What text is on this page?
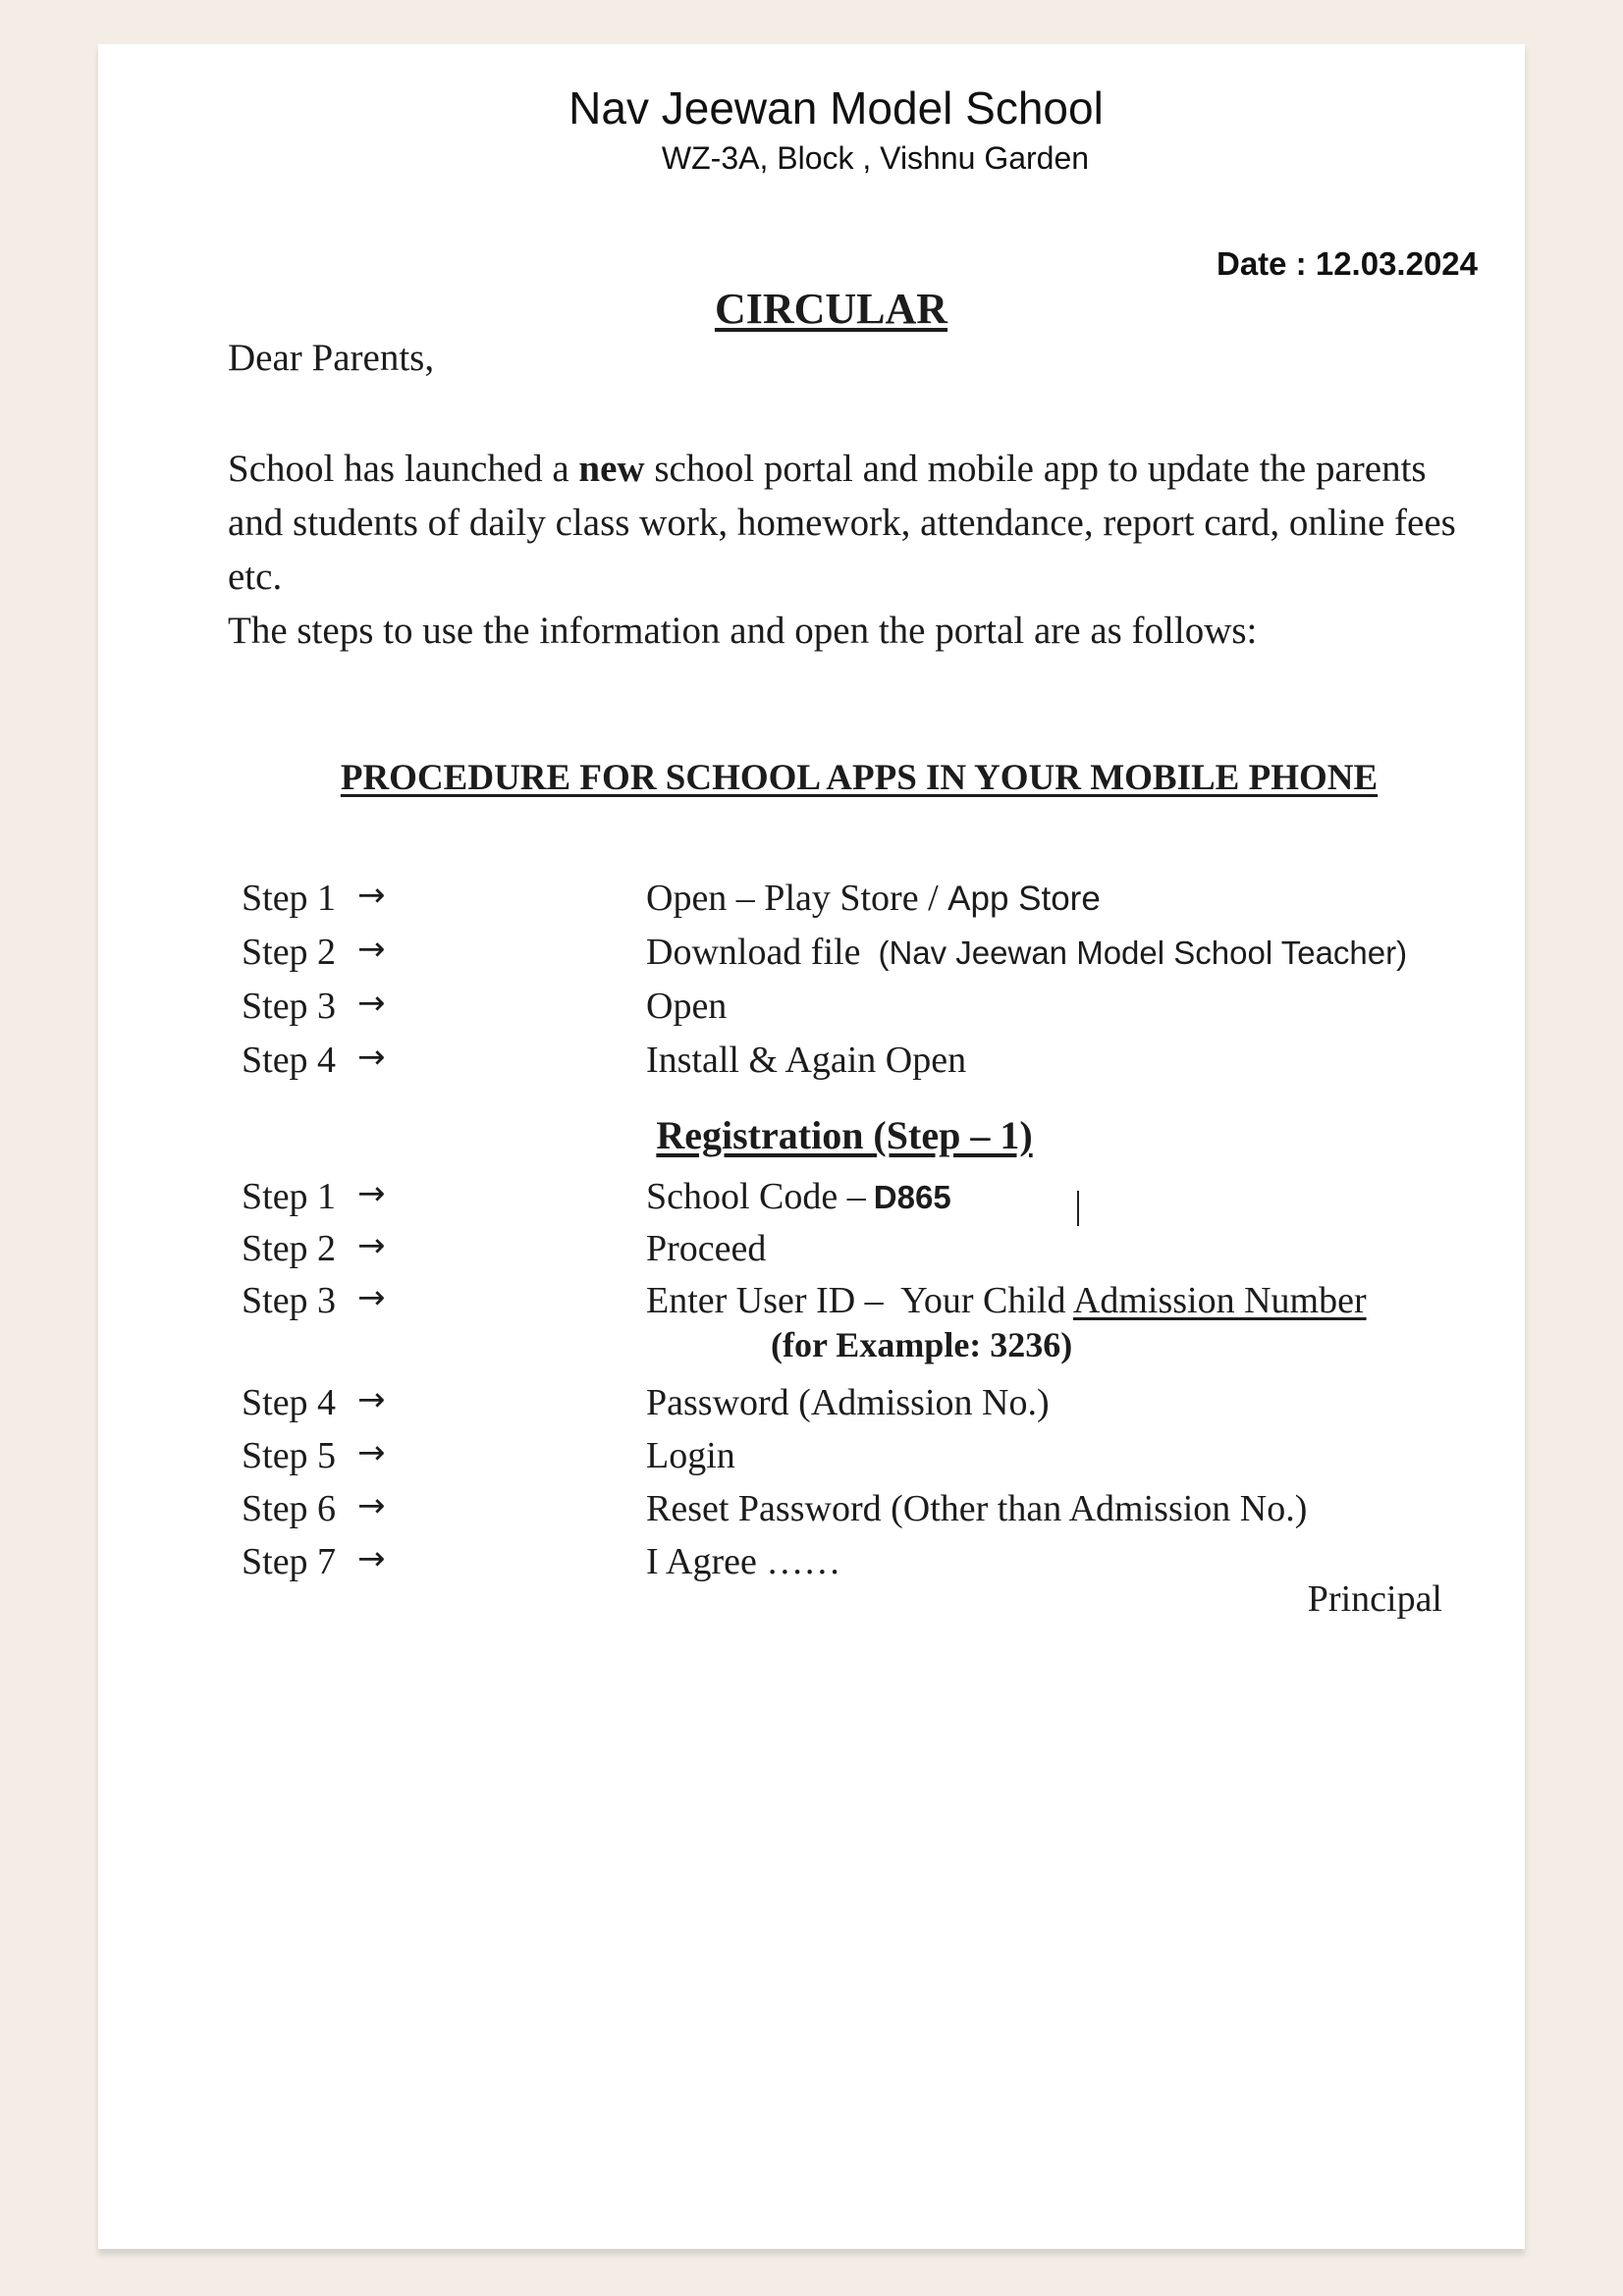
Nav Jeewan Model School
WZ-3A, Block , Vishnu Garden
Date : 12.03.2024
CIRCULAR
Dear Parents,

School has launched a new school portal and mobile app to update the parents and students of daily class work, homework, attendance, report card, online fees etc.

The steps to use the information and open the portal are as follows:

PROCEDURE FOR SCHOOL APPS IN YOUR MOBILE PHONE
Step 1 →	Open – Play Store / App Store
Step 2 →	Download file (Nav Jeewan Model School Teacher)
Step 3 →	Open
Step 4 →	Install & Again Open
Registration (Step – 1)
Step 1 →	School Code – D865
Step 2 →	Proceed
Step 3 →	Enter User ID –  Your Child Admission Number
(for Example: 3236)
Step 4 →	Password (Admission No.)
Step 5 →	Login
Step 6 →	Reset Password (Other than Admission No.)
Step 7 →	I Agree ……
Principal
